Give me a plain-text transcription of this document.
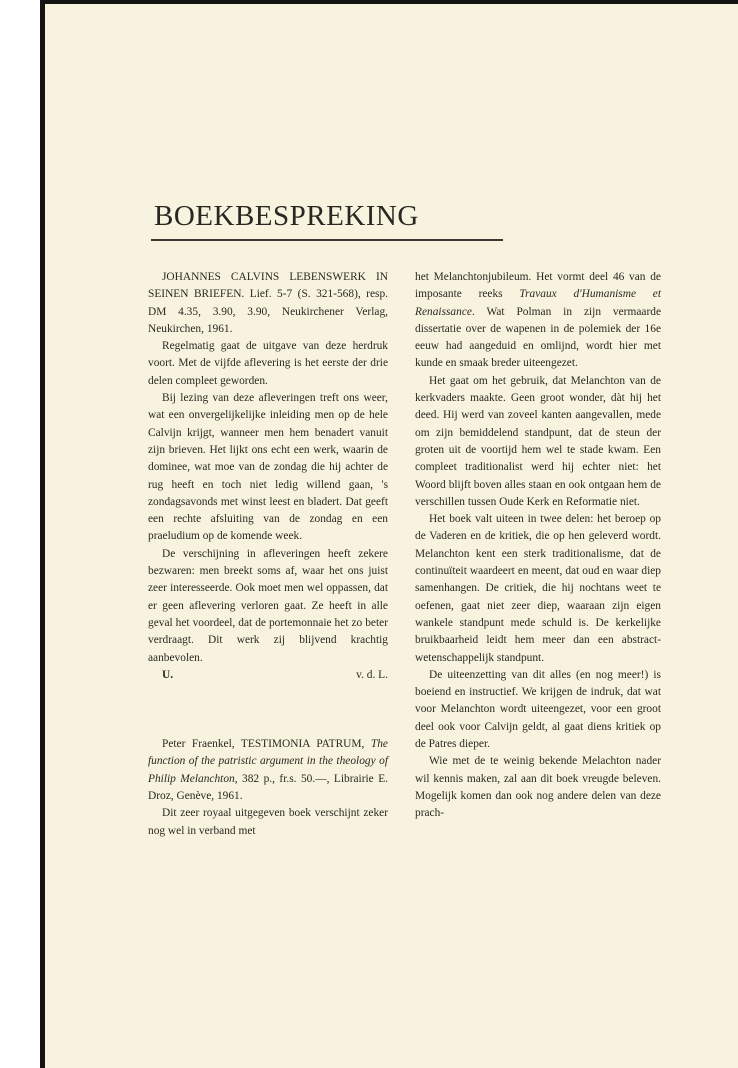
BOEKBESPREKING

JOHANNES CALVINS LEBENSWERK IN SEINEN BRIEFEN. Lief. 5-7 (S. 321-568), resp. DM 4.35, 3.90, 3.90, Neukirchener Verlag, Neukirchen, 1961.

Regelmatig gaat de uitgave van deze herdruk voort. Met de vijfde aflevering is het eerste der drie delen compleet geworden.

Bij lezing van deze afleveringen treft ons weer, wat een onvergelijkelijke inleiding men op de hele Calvijn krijgt, wanneer men hem benadert vanuit zijn brieven. Het lijkt ons echt een werk, waarin de dominee, wat moe van de zondag die hij achter de rug heeft en toch niet ledig willend gaan, 's zondagsavonds met winst leest en bladert. Dat geeft een rechte afsluiting van de zondag en een praeludium op de komende week.

De verschijning in afleveringen heeft zekere bezwaren: men breekt soms af, waar het ons juist zeer interesseerde. Ook moet men wel oppassen, dat er geen aflevering verloren gaat. Ze heeft in alle geval het voordeel, dat de portemonnaie het zo beter verdraagt. Dit werk zij blijvend krachtig aanbevolen.

U.	v. d. L.

Peter Fraenkel, TESTIMONIA PATRUM, The function of the patristic argument in the theology of Philip Melanchton, 382 p., fr.s. 50.—, Librairie E. Droz, Genève, 1961.

Dit zeer royaal uitgegeven boek verschijnt zeker nog wel in verband met

het Melanchtonjubileum. Het vormt deel 46 van de imposante reeks Travaux d'Humanisme et Renaissance. Wat Polman in zijn vermaarde dissertatie over de wapenen in de polemiek der 16e eeuw had aangeduid en omlijnd, wordt hier met kunde en smaak breder uiteengezet.

Het gaat om het gebruik, dat Melanchton van de kerkvaders maakte. Geen groot wonder, dàt hij het deed. Hij werd van zoveel kanten aangevallen, mede om zijn bemiddelend standpunt, dat de steun der groten uit de voortijd hem wel te stade kwam. Een compleet traditionalist werd hij echter niet: het Woord blijft boven alles staan en ook ontgaan hem de verschillen tussen Oude Kerk en Reformatie niet.

Het boek valt uiteen in twee delen: het beroep op de Vaderen en de kritiek, die op hen geleverd wordt. Melanchton kent een sterk traditionalisme, dat de continuïteit waardeert en meent, dat oud en waar diep samenhangen. De critiek, die hij nochtans weet te oefenen, gaat niet zeer diep, waaraan zijn eigen wankele standpunt mede schuld is. De kerkelijke bruikbaarheid leidt hem meer dan een abstract-wetenschappelijk standpunt.

De uiteenzetting van dit alles (en nog meer!) is boeiend en instructief. We krijgen de indruk, dat wat voor Melanchton wordt uiteengezet, voor een groot deel ook voor Calvijn geldt, al gaat diens kritiek op de Patres dieper.

Wie met de te weinig bekende Melachton nader wil kennis maken, zal aan dit boek vreugde beleven. Mogelijk komen dan ook nog andere delen van deze prach-
